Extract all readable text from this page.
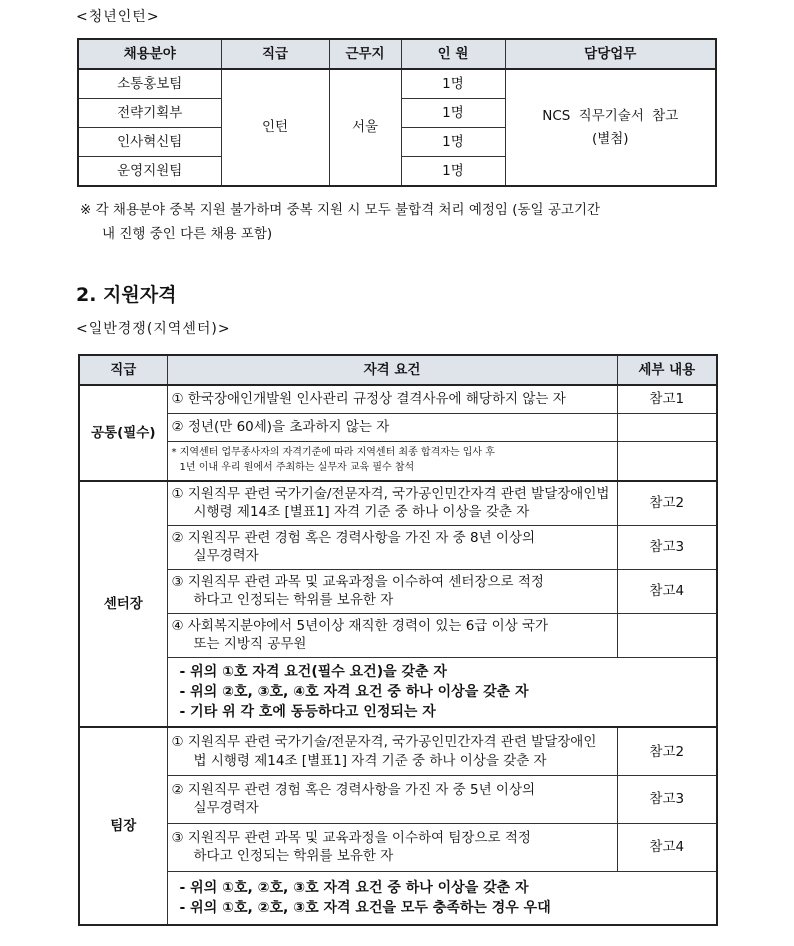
<청년인턴>
채용분야	직급	근무지	인 원	담당업무
소통홍보팀	인턴	서울	1명	NCS 직무기술서 참고
(별첨)

전략기획부			1명	
인사혁신팀			1명	
운영지원팀			1명	
※ 각 채용분야 중복 지원 불가하며 중복 지원 시 모두 불합격 처리 예정임 (동일 공고기간
내 진행 중인 다른 채용 포함)
2. 지원자격
<일반경쟁(지역센터)>
직급	자격 요건	세부 내용
공통(필수)	① 한국장애인개발원 인사관리 규정상 결격사유에 해당하지 않는 자	참고1
	② 정년(만 60세)을 초과하지 않는 자	

	* 지역센터 업무종사자의 자격기준에 따라 지역센터 최종 합격자는 입사 후
1년 이내 우리 원에서 주최하는 실무자 교육 필수 참석	

센터장	① 지원직무 관련 국가기술/전문자격, 국가공인민간자격 관련 발달장애인법
시행령 제14조 [별표1] 자격 기준 중 하나 이상을 갖춘 자	참고2

	② 지원직무 관련 경험 혹은 경력사항을 가진 자 중 8년 이상의
실무경력자	참고3

	③ 지원직무 관련 과목 및 교육과정을 이수하여 센터장으로 적정
하다고 인정되는 학위를 보유한 자	참고4

	④ 사회복지분야에서 5년이상 재직한 경력이 있는 6급 이상 국가
또는 지방직 공무원	

	- 위의 ①호 자격 요건(필수 요건)을 갖춘 자
- 위의 ②호, ③호, ④호 자격 요건 중 하나 이상을 갖춘 자
- 기타 위 각 호에 동등하다고 인정되는 자	

팀장	① 지원직무 관련 국가기술/전문자격, 국가공인민간자격 관련 발달장애인
법 시행령 제14조 [별표1] 자격 기준 중 하나 이상을 갖춘 자	참고2

	② 지원직무 관련 경험 혹은 경력사항을 가진 자 중 5년 이상의
실무경력자	참고3

	③ 지원직무 관련 과목 및 교육과정을 이수하여 팀장으로 적정
하다고 인정되는 학위를 보유한 자	참고4

	- 위의 ①호, ②호, ③호 자격 요건 중 하나 이상을 갖춘 자
- 위의 ①호, ②호, ③호 자격 요건을 모두 충족하는 경우 우대	
